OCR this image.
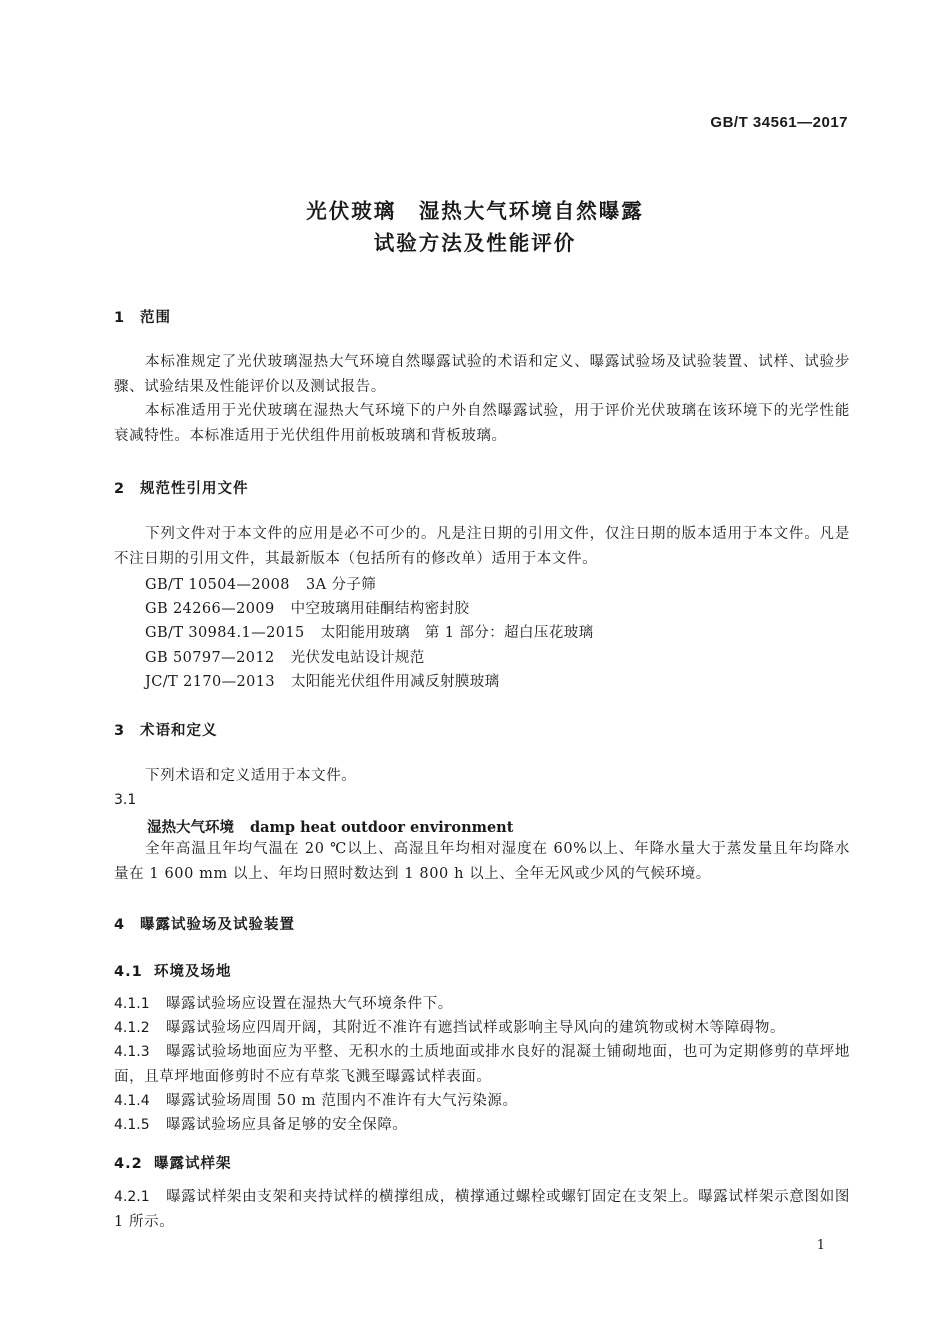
GB/T 34561—2017
光伏玻璃　湿热大气环境自然曝露
试验方法及性能评价
1 范围
本标准规定了光伏玻璃湿热大气环境自然曝露试验的术语和定义、曝露试验场及试验装置、试样、试验步骤、试验结果及性能评价以及测试报告。
本标准适用于光伏玻璃在湿热大气环境下的户外自然曝露试验，用于评价光伏玻璃在该环境下的光学性能衰减特性。本标准适用于光伏组件用前板玻璃和背板玻璃。
2 规范性引用文件
下列文件对于本文件的应用是必不可少的。凡是注日期的引用文件，仅注日期的版本适用于本文件。凡是不注日期的引用文件，其最新版本（包括所有的修改单）适用于本文件。
GB/T 10504—2008 3A 分子筛
GB 24266—2009 中空玻璃用硅酮结构密封胶
GB/T 30984.1—2015 太阳能用玻璃　第 1 部分：超白压花玻璃
GB 50797—2012 光伏发电站设计规范
JC/T 2170—2013 太阳能光伏组件用减反射膜玻璃
3 术语和定义
下列术语和定义适用于本文件。
3.1
湿热大气环境 damp heat outdoor environment
全年高温且年均气温在 20 ℃以上、高湿且年均相对湿度在 60%以上、年降水量大于蒸发量且年均降水量在 1 600 mm 以上、年均日照时数达到 1 800 h 以上、全年无风或少风的气候环境。
4 曝露试验场及试验装置
4.1 环境及场地
4.1.1 曝露试验场应设置在湿热大气环境条件下。
4.1.2 曝露试验场应四周开阔，其附近不准许有遮挡试样或影响主导风向的建筑物或树木等障碍物。
4.1.3 曝露试验场地面应为平整、无积水的土质地面或排水良好的混凝土铺砌地面，也可为定期修剪的草坪地面，且草坪地面修剪时不应有草浆飞溅至曝露试样表面。
4.1.4 曝露试验场周围 50 m 范围内不准许有大气污染源。
4.1.5 曝露试验场应具备足够的安全保障。
4.2 曝露试样架
4.2.1 曝露试样架由支架和夹持试样的横撑组成，横撑通过螺栓或螺钉固定在支架上。曝露试样架示意图如图 1 所示。
1
